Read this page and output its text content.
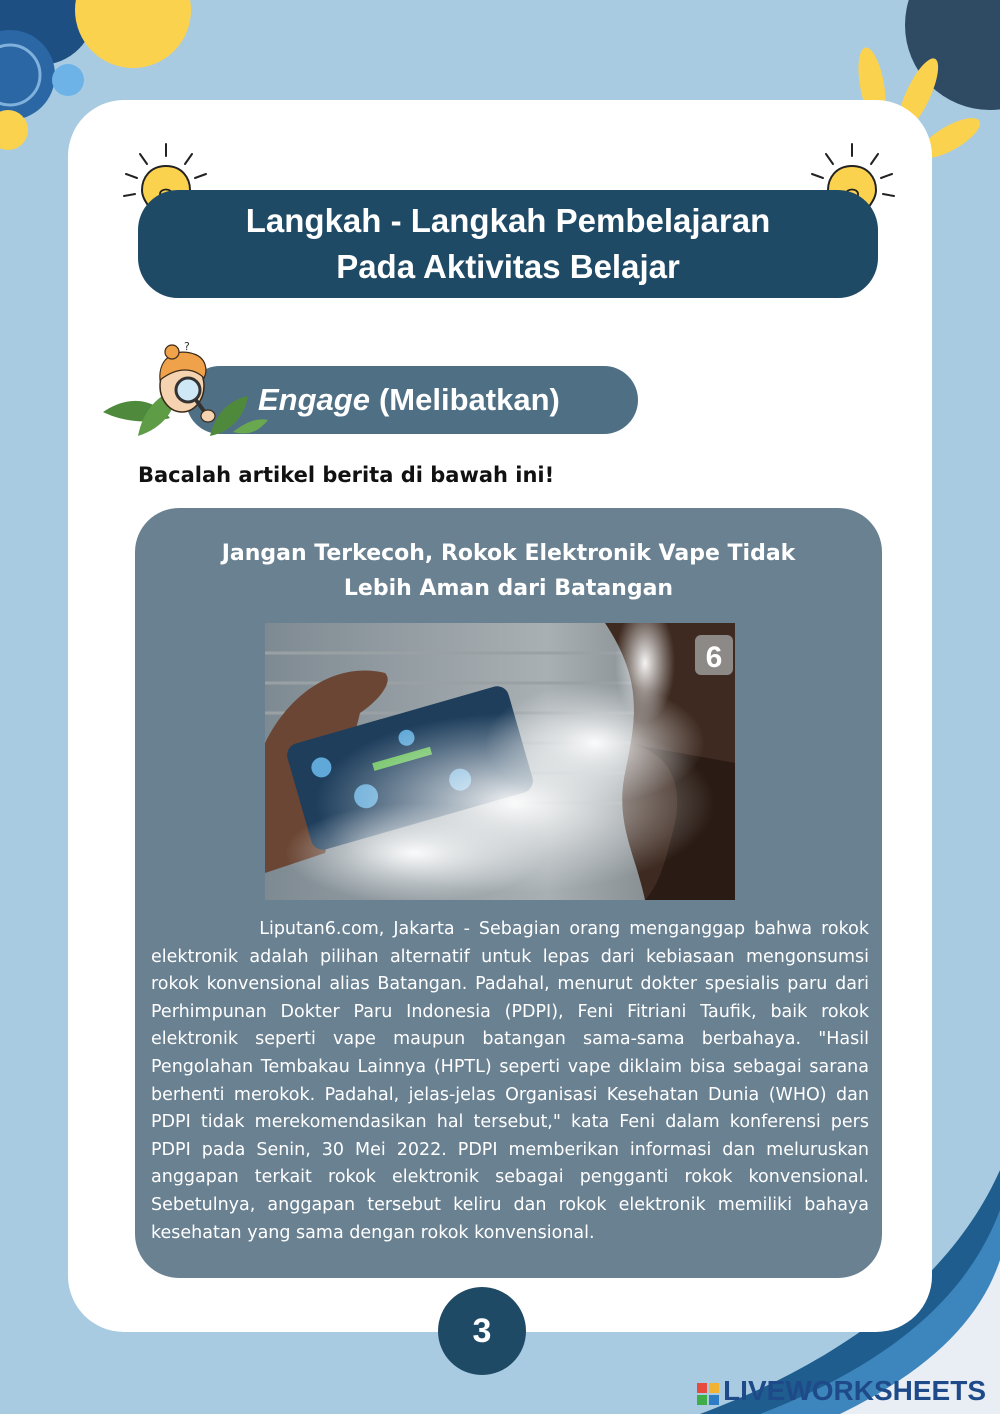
Langkah - Langkah Pembelajaran
Pada Aktivitas Belajar
Engage (Melibatkan)
?
Bacalah artikel berita di bawah ini!
Jangan Terkecoh, Rokok Elektronik Vape Tidak
Lebih Aman dari Batangan
6
Liputan6.com, Jakarta - Sebagian orang menganggap bahwa rokok elektronik adalah pilihan alternatif untuk lepas dari kebiasaan mengonsumsi rokok konvensional alias Batangan. Padahal, menurut dokter spesialis paru dari Perhimpunan Dokter Paru Indonesia (PDPI), Feni Fitriani Taufik, baik rokok elektronik seperti vape maupun batangan sama-sama berbahaya. "Hasil Pengolahan Tembakau Lainnya (HPTL) seperti vape diklaim bisa sebagai sarana berhenti merokok. Padahal, jelas-jelas Organisasi Kesehatan Dunia (WHO) dan PDPI tidak merekomendasikan hal tersebut," kata Feni dalam konferensi pers PDPI pada Senin, 30 Mei 2022. PDPI memberikan informasi dan meluruskan anggapan terkait rokok elektronik sebagai pengganti rokok konvensional. Sebetulnya, anggapan tersebut keliru dan rokok elektronik memiliki bahaya kesehatan yang sama dengan rokok konvensional.
3
LIVEWORKSHEETS
